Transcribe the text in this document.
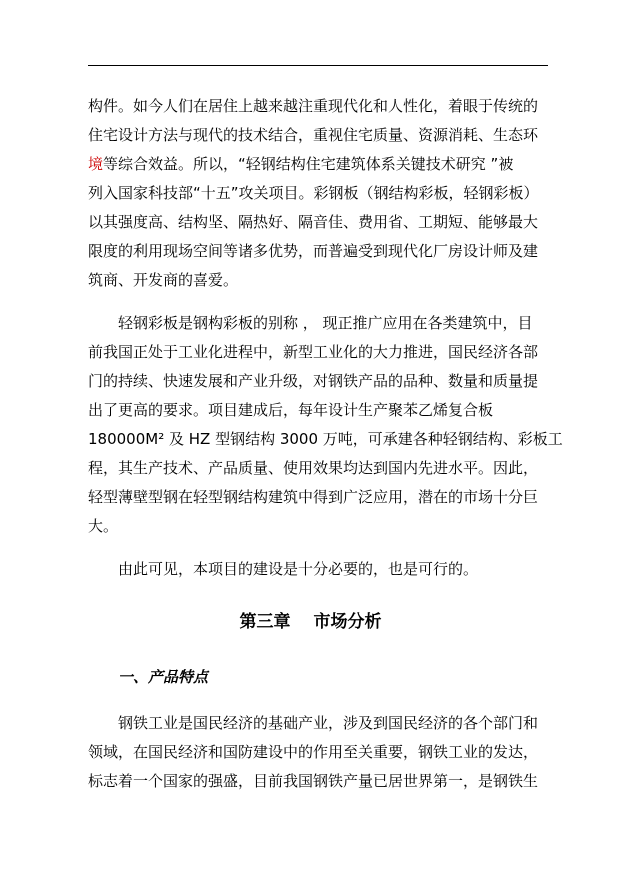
构件。如今人们在居住上越来越注重现代化和人性化，着眼于传统的
住宅设计方法与现代的技术结合，重视住宅质量、资源消耗、生态环
境等综合效益。所以，“轻钢结构住宅建筑体系关键技术研究 ”被
列入国家科技部“十五”攻关项目。彩钢板（钢结构彩板，轻钢彩板）
以其强度高、结构坚、隔热好、隔音佳、费用省、工期短、能够最大
限度的利用现场空间等诸多优势，而普遍受到现代化厂房设计师及建
筑商、开发商的喜爱。
轻钢彩板是钢构彩板的别称 ， 现正推广应用在各类建筑中，目
前我国正处于工业化进程中，新型工业化的大力推进，国民经济各部
门的持续、快速发展和产业升级，对钢铁产品的品种、数量和质量提
出了更高的要求。项目建成后，每年设计生产聚苯乙烯复合板
180000M² 及 HZ 型钢结构 3000 万吨，可承建各种轻钢结构、彩板工
程，其生产技术、产品质量、使用效果均达到国内先进水平。因此，
轻型薄壁型钢在轻型钢结构建筑中得到广泛应用，潜在的市场十分巨
大。
由此可见，本项目的建设是十分必要的，也是可行的。
第三章　 市场分析
一、产品特点
钢铁工业是国民经济的基础产业，涉及到国民经济的各个部门和
领域，在国民经济和国防建设中的作用至关重要，钢铁工业的发达，
标志着一个国家的强盛，目前我国钢铁产量已居世界第一，是钢铁生
